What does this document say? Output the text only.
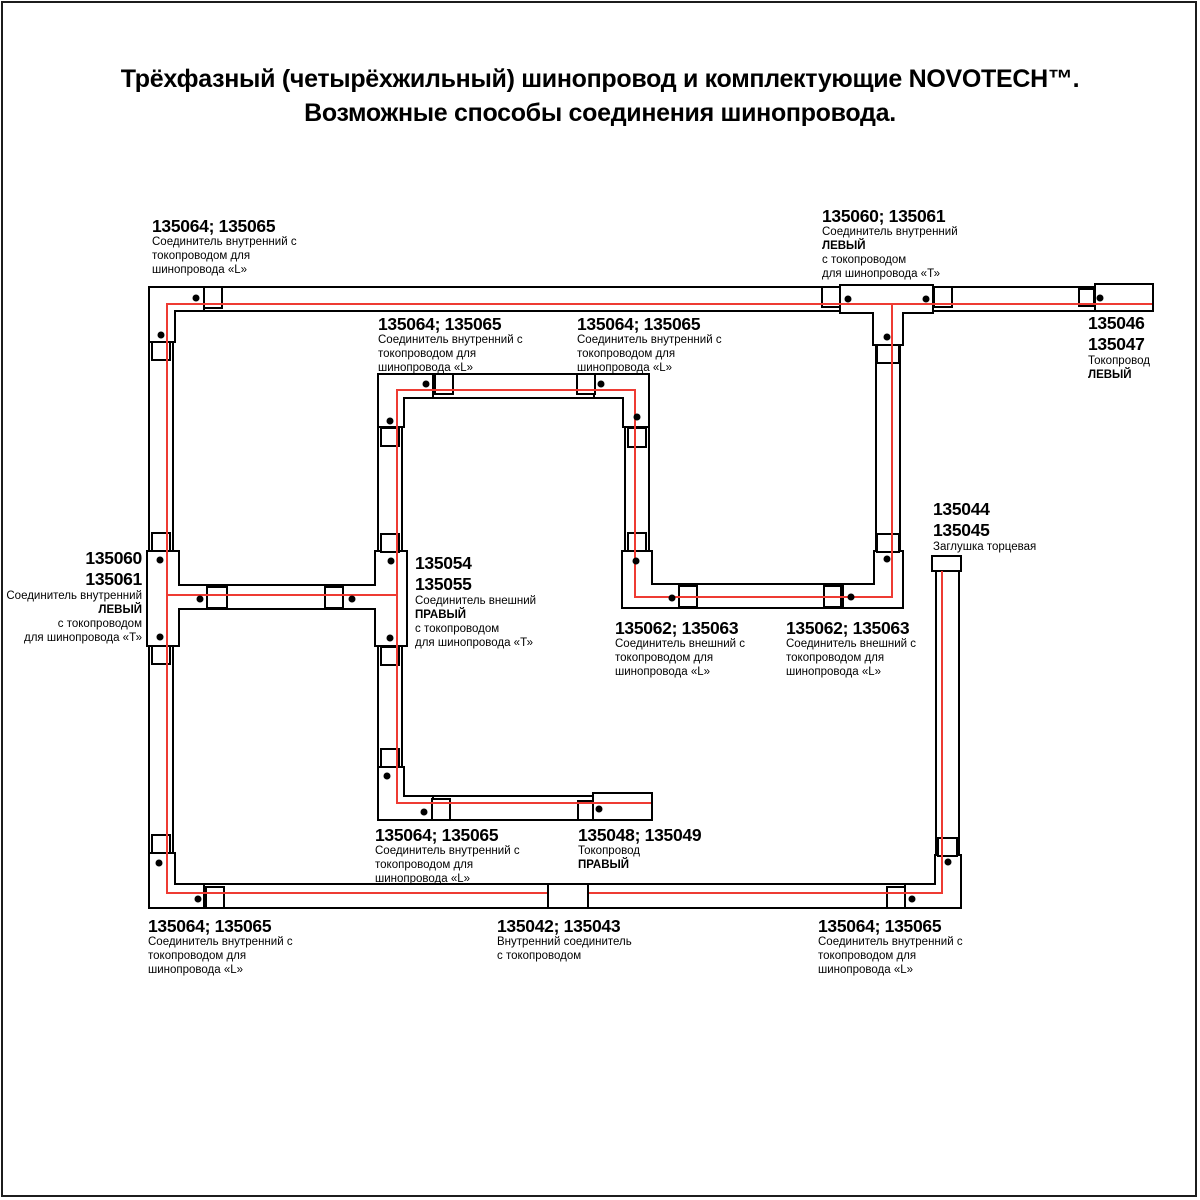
Трёхфазный (четырёхжильный) шинопровод и комплектующие NOVOTECH™.
Возможные способы соединения шинопровода.
135064; 135065
Соединитель внутренний с
токопроводом для
шинопровода «L»
135064; 135065
Соединитель внутренний с
токопроводом для
шинопровода «L»
135064; 135065
Соединитель внутренний с
токопроводом для
шинопровода «L»
135060; 135061
Соединитель внутренний
ЛЕВЫЙ
с токопроводом
для шинопровода «Т»
135046
135047
Токопровод
ЛЕВЫЙ
135060
135061
Соединитель внутренний
ЛЕВЫЙ
с токопроводом
для шинопровода «Т»
135054
135055
Соединитель внешний
ПРАВЫЙ
с токопроводом
для шинопровода «Т»
135044
135045
Заглушка торцевая
135062; 135063
Соединитель внешний с
токопроводом для
шинопровода «L»
135062; 135063
Соединитель внешний с
токопроводом для
шинопровода «L»
135064; 135065
Соединитель внутренний с
токопроводом для
шинопровода «L»
135048; 135049
Токопровод
ПРАВЫЙ
135064; 135065
Соединитель внутренний с
токопроводом для
шинопровода «L»
135042; 135043
Внутренний соединитель
с токопроводом
135064; 135065
Соединитель внутренний с
токопроводом для
шинопровода «L»
